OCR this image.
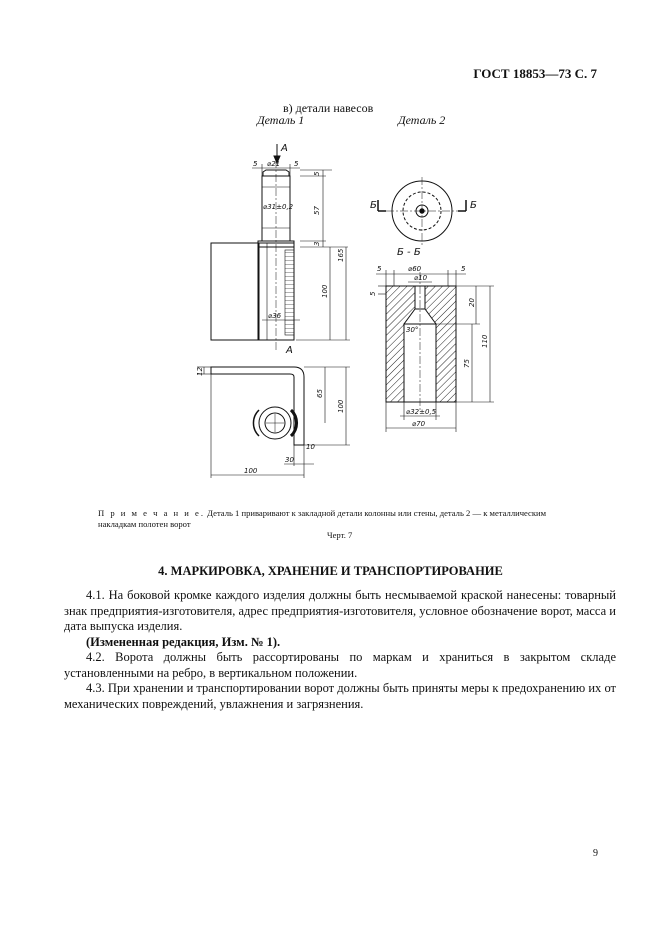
ГОСТ 18853—73 С. 7
в) детали навесов
Деталь 1	Деталь 2
A
А
Б - Б
Б	Б
5 ⌀21 5
⌀31±0,2
⌀36
5
57
3
165
100
12
65
100
10
30
100
5	⌀60	5
⌀10
5
20
110
75
30°
⌀32±0,5
⌀70
П р и м е ч а н и е. Деталь 1 приваривают к закладной детали колонны или стены, деталь 2 — к металлическим накладкам полотен ворот
Черт. 7
4. МАРКИРОВКА, ХРАНЕНИЕ И ТРАНСПОРТИРОВАНИЕ

4.1. На боковой кромке каждого изделия должны быть несмываемой краской нанесены: товарный знак предприятия-изготовителя, адрес предприятия-изготовителя, условное обозначение ворот, масса и дата выпуска изделия.

(Измененная редакция, Изм. № 1).

4.2. Ворота должны быть рассортированы по маркам и храниться в закрытом складе установленными на ребро, в вертикальном положении.

4.3. При хранении и транспортировании ворот должны быть приняты меры к предохранению их от механических повреждений, увлажнения и загрязнения.

9
